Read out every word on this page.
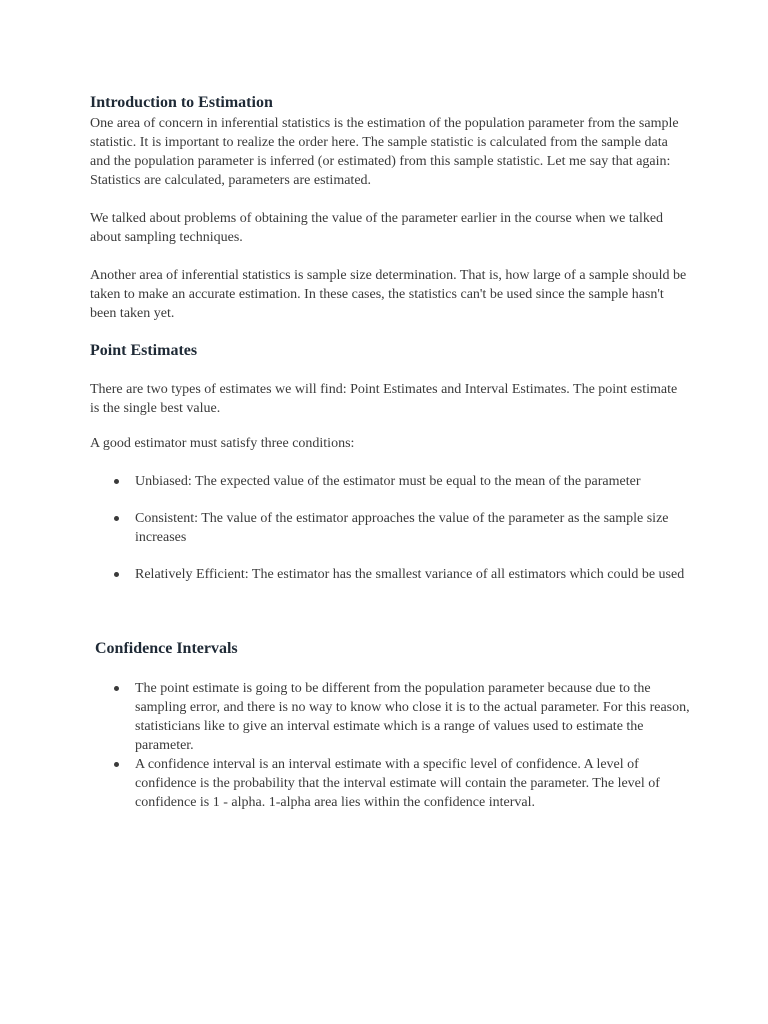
Introduction to Estimation

One area of concern in inferential statistics is the estimation of the population parameter from the sample statistic. It is important to realize the order here. The sample statistic is calculated from the sample data and the population parameter is inferred (or estimated) from this sample statistic. Let me say that again: Statistics are calculated, parameters are estimated.

We talked about problems of obtaining the value of the parameter earlier in the course when we talked about sampling techniques.

Another area of inferential statistics is sample size determination. That is, how large of a sample should be taken to make an accurate estimation. In these cases, the statistics can't be used since the sample hasn't been taken yet.

Point Estimates

There are two types of estimates we will find: Point Estimates and Interval Estimates. The point estimate is the single best value.

A good estimator must satisfy three conditions:

Unbiased: The expected value of the estimator must be equal to the mean of the parameter
Consistent: The value of the estimator approaches the value of the parameter as the sample size increases
Relatively Efficient: The estimator has the smallest variance of all estimators which could be used
Confidence Intervals
The point estimate is going to be different from the population parameter because due to the sampling error, and there is no way to know who close it is to the actual parameter. For this reason, statisticians like to give an interval estimate which is a range of values used to estimate the parameter.
A confidence interval is an interval estimate with a specific level of confidence. A level of confidence is the probability that the interval estimate will contain the parameter. The level of confidence is 1 - alpha. 1-alpha area lies within the confidence interval.
